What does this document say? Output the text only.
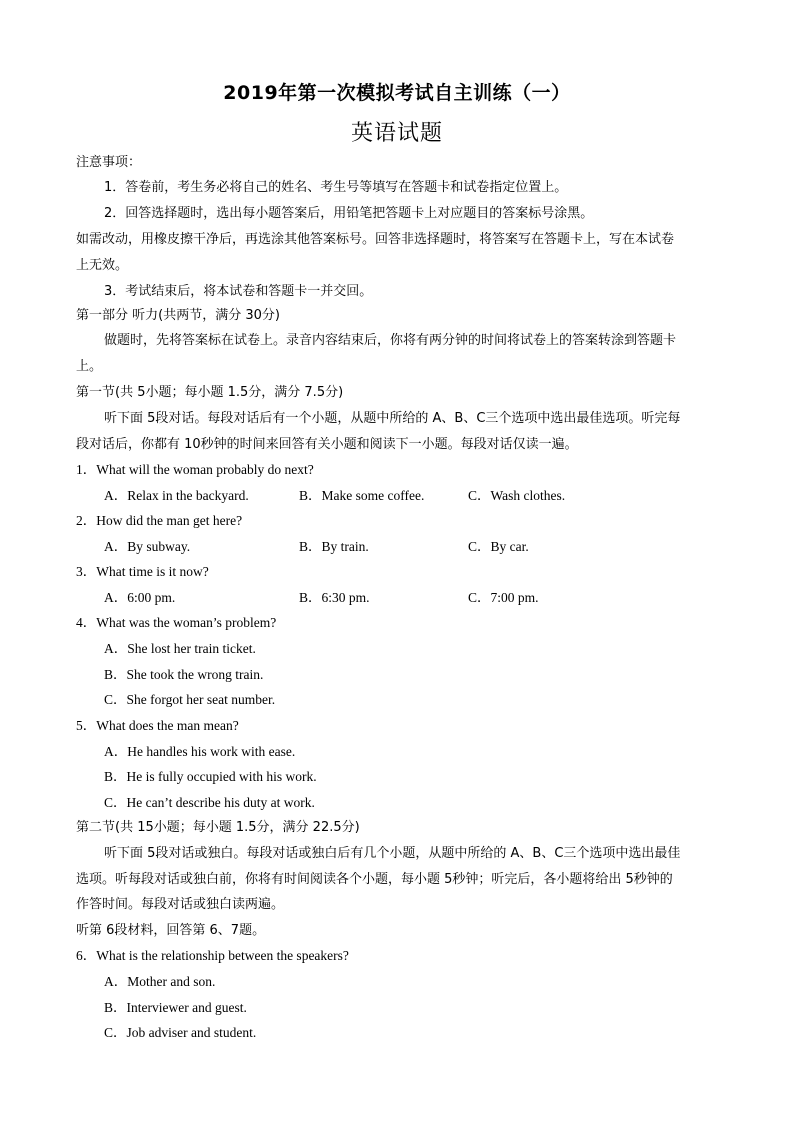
2019年第一次模拟考试自主训练（一）
英语试题
注意事项：
1．答卷前，考生务必将自己的姓名、考生号等填写在答题卡和试卷指定位置上。
2．回答选择题时，选出每小题答案后，用铅笔把答题卡上对应题目的答案标号涂黑。
如需改动，用橡皮擦干净后，再选涂其他答案标号。回答非选择题时，将答案写在答题卡上，写在本试卷
上无效。
3．考试结束后，将本试卷和答题卡一并交回。
第一部分 听力(共两节，满分 30分)
做题时，先将答案标在试卷上。录音内容结束后，你将有两分钟的时间将试卷上的答案转涂到答题卡
上。
第一节(共 5小题；每小题 1.5分，满分 7.5分)
听下面 5段对话。每段对话后有一个小题，从题中所给的 A、B、C三个选项中选出最佳选项。听完每
段对话后，你都有 10秒钟的时间来回答有关小题和阅读下一小题。每段对话仅读一遍。
1．What will the woman probably do next?
A．Relax in the backyard.	B．Make some coffee.	C．Wash clothes.
2．How did the man get here?
A．By subway.	B．By train.	C．By car.
3．What time is it now?
A．6:00 pm.	B．6:30 pm.	C．7:00 pm.
4．What was the woman’s problem?
A．She lost her train ticket.
B．She took the wrong train.
C．She forgot her seat number.
5．What does the man mean?
A．He handles his work with ease.
B．He is fully occupied with his work.
C．He can’t describe his duty at work.
第二节(共 15小题；每小题 1.5分，满分 22.5分)
听下面 5段对话或独白。每段对话或独白后有几个小题，从题中所给的 A、B、C三个选项中选出最佳
选项。听每段对话或独白前，你将有时间阅读各个小题，每小题 5秒钟；听完后，各小题将给出 5秒钟的
作答时间。每段对话或独白读两遍。
听第 6段材料，回答第 6、7题。
6．What is the relationship between the speakers?
A．Mother and son.
B．Interviewer and guest.
C．Job adviser and student.
